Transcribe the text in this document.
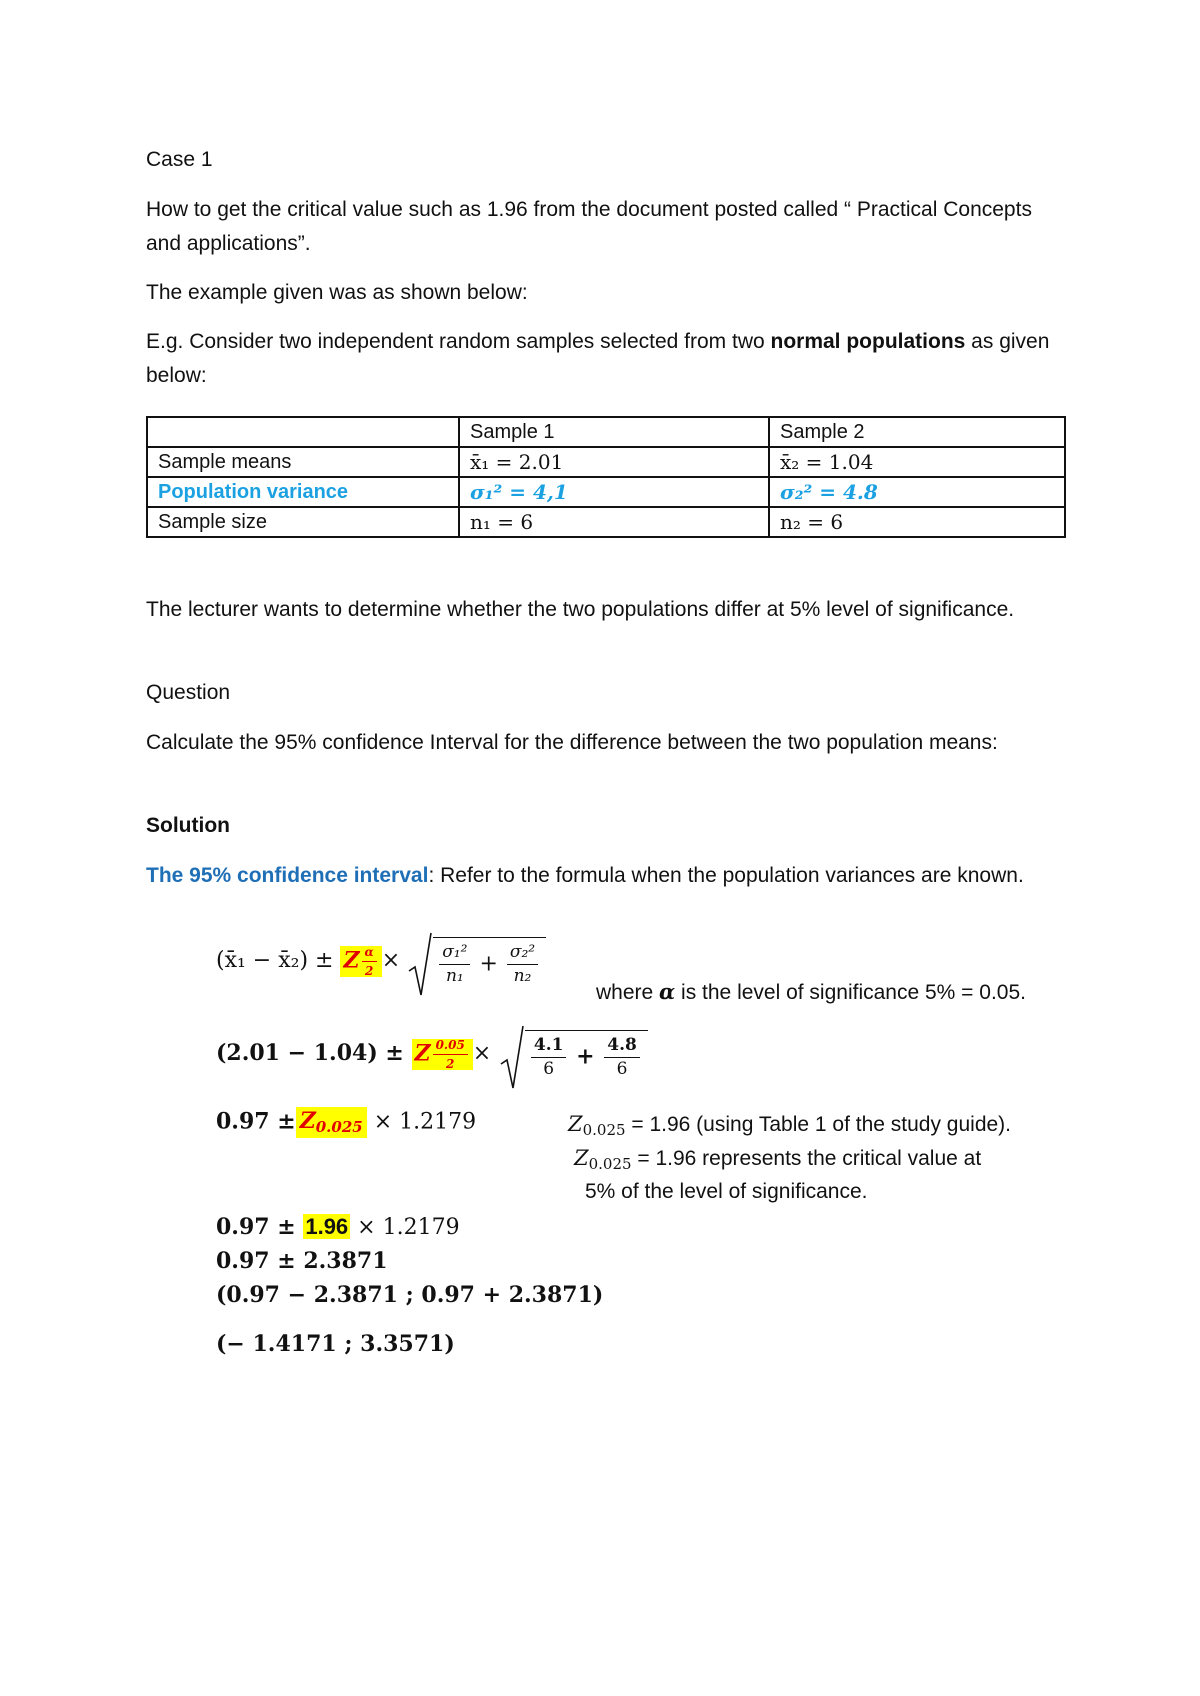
Case 1

How to get the critical value such as 1.96 from the document posted called “ Practical Concepts and applications”.

The example given was as shown below:

E.g. Consider two independent random samples selected from two normal populations as given below:

	Sample 1	Sample 2
Sample means	x̄₁ = 2.01	x̄₂ = 1.04
Population variance	σ₁² = 4,1	σ₂² = 4.8
Sample size	n₁ = 6	n₂ = 6

The lecturer wants to determine whether the two populations differ at 5% level of significance.

Question

Calculate the 95% confidence Interval for the difference between the two population means:

Solution

The 95% confidence interval: Refer to the formula when the population variances are known.

(x̄₁ − x̄₂) ± Z $\frac{\alpha}{2} \times \frac{\text{σ₁²}}{\text{n₁}} + \frac{\text{σ₂²}}{\text{n₂}}$
where α is the level of significance 5% = 0.05.
(2.01 − 1.04) ± Z $\frac{0.05}{2} \times \frac{4.1}{6} + \frac{4.8}{6}$
$0.97 \pm Z_{0.025} \times 1.2179$	$Z_{0.025} = 1.96$ (using Table 1 of the study guide).
$Z_{0.025} = 1.96$ represents the critical value at
5% of the level of significance.
0.97 ± 1.96 × 1.2179
0.97 ± 2.3871
(0.97 − 2.3871 ; 0.97 + 2.3871)
(− 1.4171 ; 3.3571)
